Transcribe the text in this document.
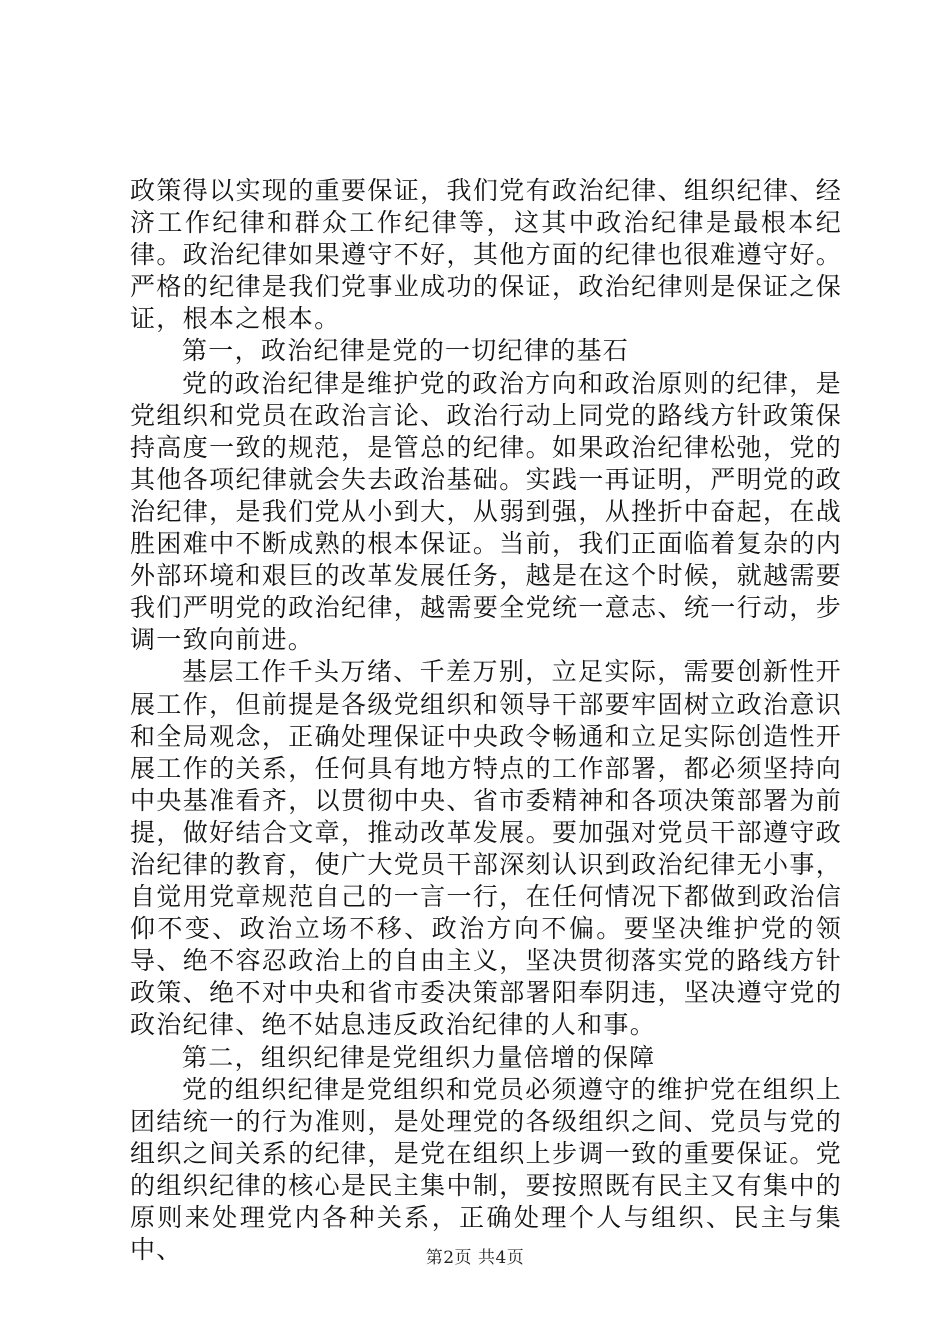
政策得以实现的重要保证，我们党有政治纪律、组织纪律、经济工作纪律和群众工作纪律等，这其中政治纪律是最根本纪律。政治纪律如果遵守不好，其他方面的纪律也很难遵守好。严格的纪律是我们党事业成功的保证，政治纪律则是保证之保证，根本之根本。

第一，政治纪律是党的一切纪律的基石

党的政治纪律是维护党的政治方向和政治原则的纪律，是党组织和党员在政治言论、政治行动上同党的路线方针政策保持高度一致的规范，是管总的纪律。如果政治纪律松弛，党的其他各项纪律就会失去政治基础。实践一再证明，严明党的政治纪律，是我们党从小到大，从弱到强，从挫折中奋起，在战胜困难中不断成熟的根本保证。当前，我们正面临着复杂的内外部环境和艰巨的改革发展任务，越是在这个时候，就越需要我们严明党的政治纪律，越需要全党统一意志、统一行动，步调一致向前进。

基层工作千头万绪、千差万别，立足实际，需要创新性开展工作，但前提是各级党组织和领导干部要牢固树立政治意识和全局观念，正确处理保证中央政令畅通和立足实际创造性开展工作的关系，任何具有地方特点的工作部署，都必须坚持向中央基准看齐，以贯彻中央、省市委精神和各项决策部署为前提，做好结合文章，推动改革发展。要加强对党员干部遵守政治纪律的教育，使广大党员干部深刻认识到政治纪律无小事，自觉用党章规范自己的一言一行，在任何情况下都做到政治信仰不变、政治立场不移、政治方向不偏。要坚决维护党的领导、绝不容忍政治上的自由主义，坚决贯彻落实党的路线方针政策、绝不对中央和省市委决策部署阳奉阴违，坚决遵守党的政治纪律、绝不姑息违反政治纪律的人和事。

第二，组织纪律是党组织力量倍增的保障

党的组织纪律是党组织和党员必须遵守的维护党在组织上团结统一的行为准则，是处理党的各级组织之间、党员与党的组织之间关系的纪律，是党在组织上步调一致的重要保证。党的组织纪律的核心是民主集中制，要按照既有民主又有集中的原则来处理党内各种关系，正确处理个人与组织、民主与集中、	第2页 共4页
